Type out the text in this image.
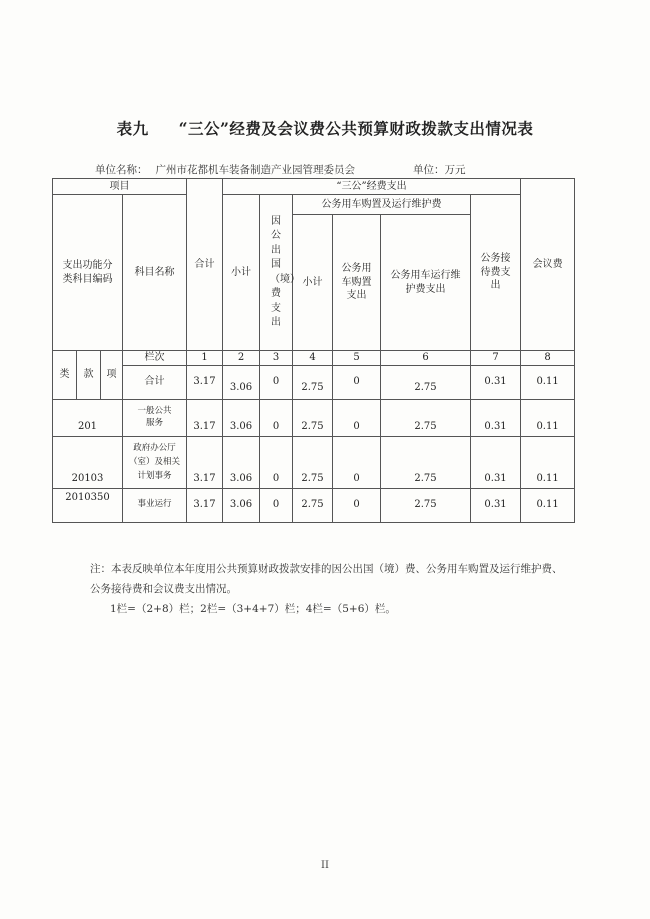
表九 “三公”经费及会议费公共预算财政拨款支出情况表
单位名称： 广州市花都机车装备制造产业园管理委员会	单位：万元
项目				合计	“三公”经费支出						会议费
支出功能分类科目编码			科目名称		小计	因公出国（境）费支出	公务用车购置及运行维护费			公务接待费支出	
							小计	公务用车购置支出	公务用车运行维护费支出		
类	款	项	栏次	1	2	3	4	5	6	7	8
			合计	3.17	3.06	0	2.75	0	2.75	0.31	0.11
201			一般公共服务	3.17	3.06	0	2.75	0	2.75	0.31	0.11
20103			政府办公厅（室）及相关计划事务	3.17	3.06	0	2.75	0	2.75	0.31	0.11
2010350			事业运行	3.17	3.06	0	2.75	0	2.75	0.31	0.11
注：本表反映单位本年度用公共预算财政拨款安排的因公出国（境）费、公务用车购置及运行维护费、公务接待费和会议费支出情况。
1栏=（2+8）栏；2栏=（3+4+7）栏；4栏=（5+6）栏。
II
